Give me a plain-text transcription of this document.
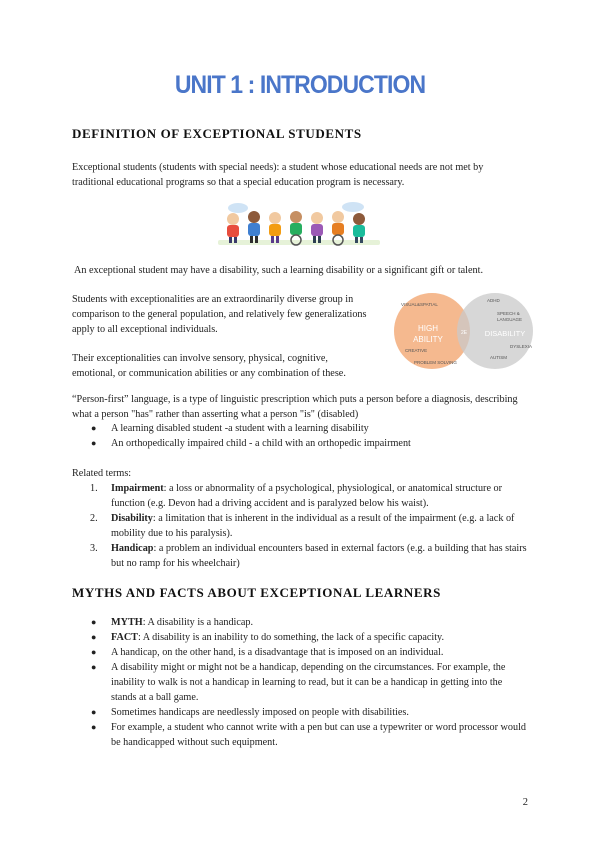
UNIT 1 : INTRODUCTION
DEFINITION OF EXCEPTIONAL STUDENTS
Exceptional students (students with special needs): a student whose educational needs are not met by traditional educational programs so that a special education program is necessary.
An exceptional student may have a disability, such a learning disability or a significant gift or talent.
Students with exceptionalities are an extraordinarily diverse group in comparison to the general population, and relatively few generalizations apply to all exceptional individuals.
Their exceptionalities can involve sensory, physical, cognitive, emotional, or communication abilities or any combination of these.
VISUAL&SPATIAL
HIGH
ABILITY
CREATIVE
PROBLEM SOLVING
2E DISABILITY
ADHD
SPEECH &
LANGUAGE
DYSLEXIA
AUTISM
“Person-first” language, is a type of linguistic prescription which puts a person before a diagnosis, describing what a person "has" rather than asserting what a person "is" (disabled)
● A learning disabled student -a student with a learning disability
● An orthopedically impaired child - a child with an orthopedic impairment
Related terms:
1. Impairment: a loss or abnormality of a psychological, physiological, or anatomical structure or function (e.g. Devon had a driving accident and is paralyzed below his waist).
2. Disability: a limitation that is inherent in the individual as a result of the impairment (e.g. a lack of mobility due to his paralysis).
3. Handicap: a problem an individual encounters based in external factors (e.g. a building that has stairs but no ramp for his wheelchair)
MYTHS AND FACTS ABOUT EXCEPTIONAL LEARNERS
● MYTH: A disability is a handicap.
● FACT: A disability is an inability to do something, the lack of a specific capacity.
● A handicap, on the other hand, is a disadvantage that is imposed on an individual.
● A disability might or might not be a handicap, depending on the circumstances. For example, the inability to walk is not a handicap in learning to read, but it can be a handicap in getting into the stands at a ball game.
● Sometimes handicaps are needlessly imposed on people with disabilities.
● For example, a student who cannot write with a pen but can use a typewriter or word processor would be handicapped without such equipment.
2
